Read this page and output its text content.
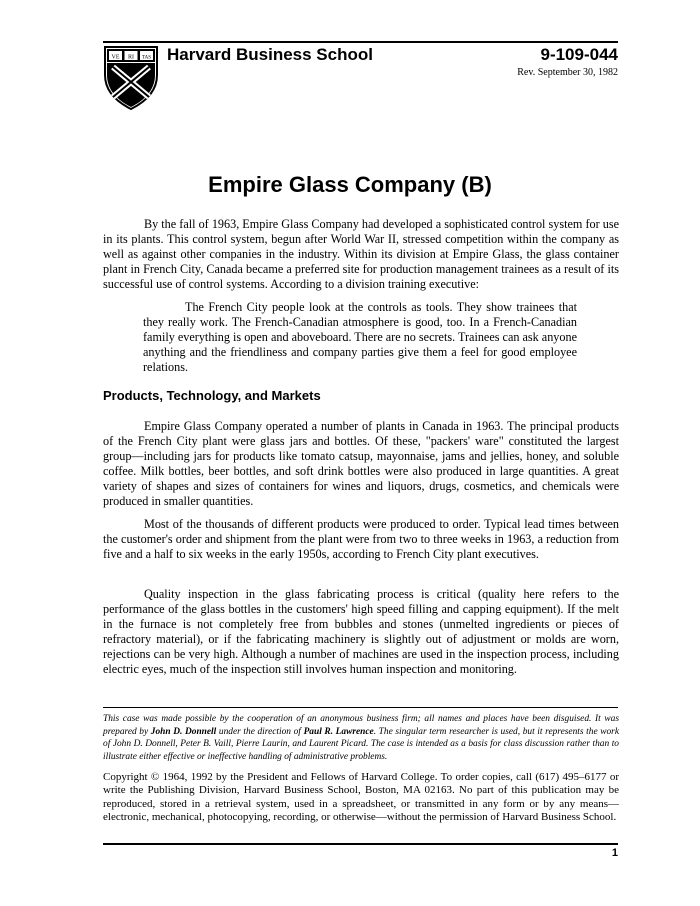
VE RI TAS Harvard Business School	9-109-044
Rev. September 30, 1982
Empire Glass Company (B)

By the fall of 1963, Empire Glass Company had developed a sophisticated control system for use in its plants. This control system, begun after World War II, stressed competition within the company as well as against other companies in the industry. Within its division at Empire Glass, the glass container plant in French City, Canada became a preferred site for production management trainees as a result of its successful use of control systems. According to a division training executive:

The French City people look at the controls as tools. They show trainees that they really work. The French-Canadian atmosphere is good, too. In a French-Canadian family everything is open and aboveboard. There are no secrets. Trainees can ask anyone anything and the friendliness and company parties give them a feel for good employee relations.

Products, Technology, and Markets

Empire Glass Company operated a number of plants in Canada in 1963. The principal products of the French City plant were glass jars and bottles. Of these, "packers' ware" constituted the largest group—including jars for products like tomato catsup, mayonnaise, jams and jellies, honey, and soluble coffee. Milk bottles, beer bottles, and soft drink bottles were also produced in large quantities. A great variety of shapes and sizes of containers for wines and liquors, drugs, cosmetics, and chemicals were produced in smaller quantities.

Most of the thousands of different products were produced to order. Typical lead times between the customer's order and shipment from the plant were from two to three weeks in 1963, a reduction from five and a half to six weeks in the early 1950s, according to French City plant executives.

Quality inspection in the glass fabricating process is critical (quality here refers to the performance of the glass bottles in the customers' high speed filling and capping equipment). If the melt in the furnace is not completely free from bubbles and stones (unmelted ingredients or pieces of refractory material), or if the fabricating machinery is slightly out of adjustment or molds are worn, rejections can be very high. Although a number of machines are used in the inspection process, including electric eyes, much of the inspection still involves human inspection and monitoring.

This case was made possible by the cooperation of an anonymous business firm; all names and places have been disguised. It was prepared by John D. Donnell under the direction of Paul R. Lawrence. The singular term researcher is used, but it represents the work of John D. Donnell, Peter B. Vaill, Pierre Laurin, and Laurent Picard. The case is intended as a basis for class discussion rather than to illustrate either effective or ineffective handling of administrative problems.

Copyright © 1964, 1992 by the President and Fellows of Harvard College. To order copies, call (617) 495–6177 or write the Publishing Division, Harvard Business School, Boston, MA 02163. No part of this publication may be reproduced, stored in a retrieval system, used in a spreadsheet, or transmitted in any form or by any means—electronic, mechanical, photocopying, recording, or otherwise—without the permission of Harvard Business School.

1
